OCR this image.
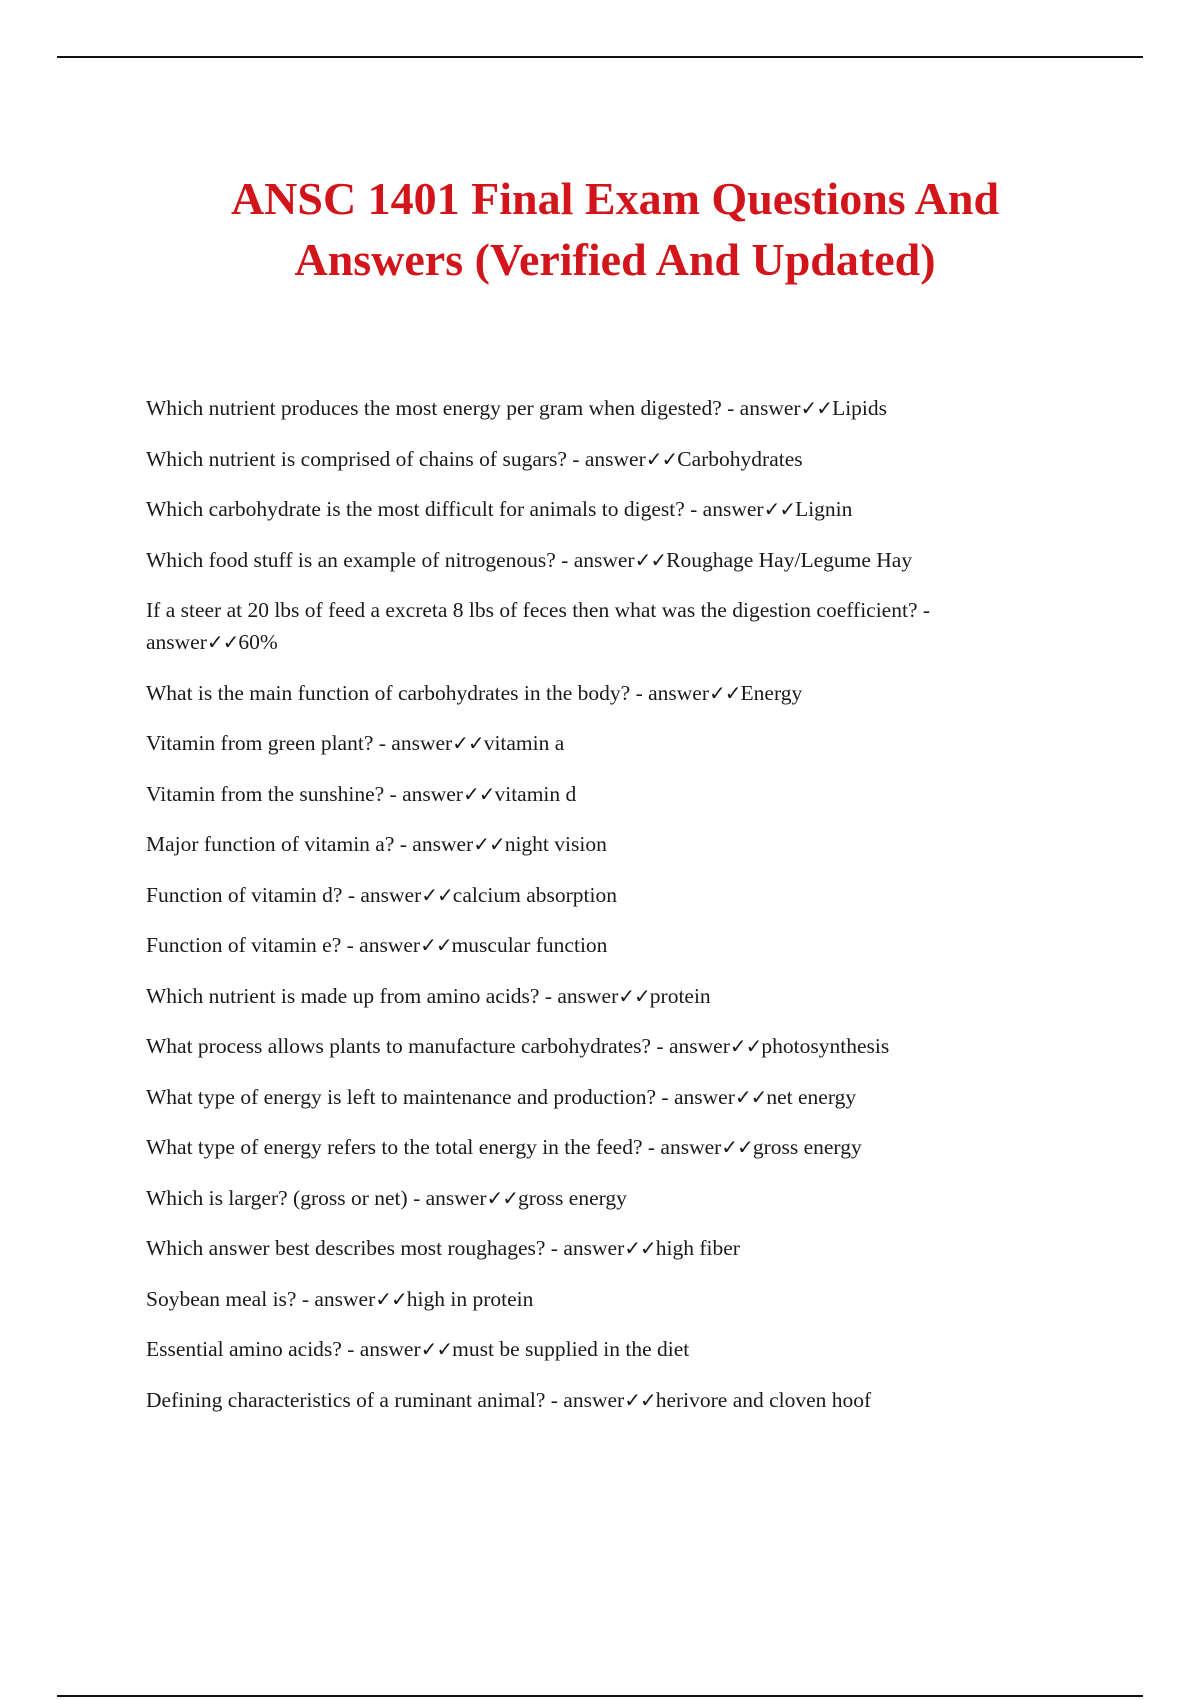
ANSC 1401 Final Exam Questions And Answers (Verified And Updated)
Which nutrient produces the most energy per gram when digested? - answer✓✓Lipids
Which nutrient is comprised of chains of sugars? - answer✓✓Carbohydrates
Which carbohydrate is the most difficult for animals to digest? - answer✓✓Lignin
Which food stuff is an example of nitrogenous? - answer✓✓Roughage Hay/Legume Hay
If a steer at 20 lbs of feed a excreta 8 lbs of feces then what was the digestion coefficient? - answer✓✓60%
What is the main function of carbohydrates in the body? - answer✓✓Energy
Vitamin from green plant? - answer✓✓vitamin a
Vitamin from the sunshine? - answer✓✓vitamin d
Major function of vitamin a? - answer✓✓night vision
Function of vitamin d? - answer✓✓calcium absorption
Function of vitamin e? - answer✓✓muscular function
Which nutrient is made up from amino acids? - answer✓✓protein
What process allows plants to manufacture carbohydrates? - answer✓✓photosynthesis
What type of energy is left to maintenance and production? - answer✓✓net energy
What type of energy refers to the total energy in the feed? - answer✓✓gross energy
Which is larger? (gross or net) - answer✓✓gross energy
Which answer best describes most roughages? - answer✓✓high fiber
Soybean meal is? - answer✓✓high in protein
Essential amino acids? - answer✓✓must be supplied in the diet
Defining characteristics of a ruminant animal? - answer✓✓herivore and cloven hoof
